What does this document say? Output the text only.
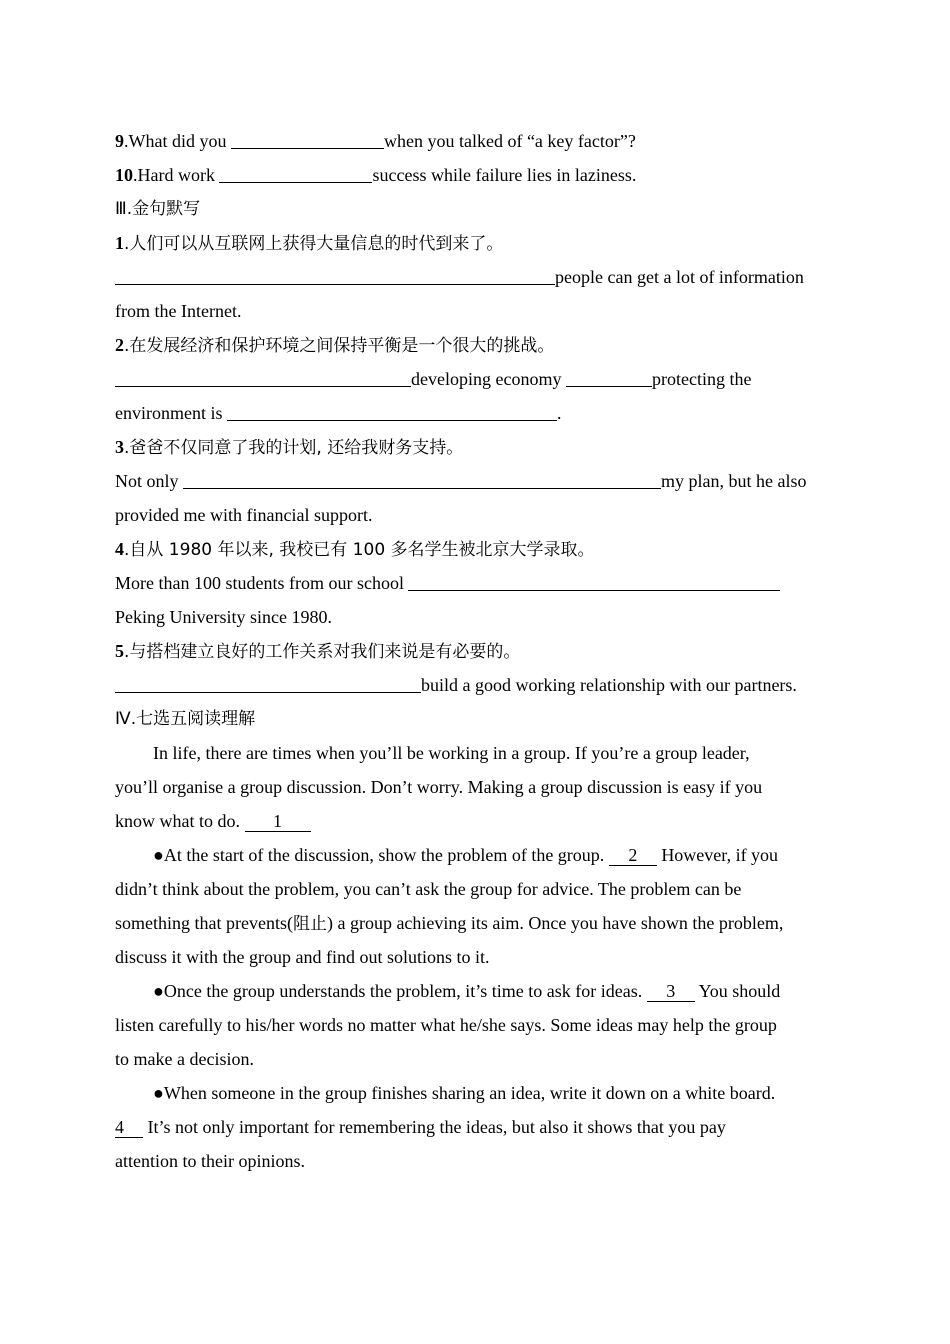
9.What did you	when you talked of “a key factor”?
10.Hard work	success while failure lies in laziness.
Ⅲ.金句默写
1.人们可以从互联网上获得大量信息的时代到来了。
people can get a lot of information
from the Internet.
2.在发展经济和保护环境之间保持平衡是一个很大的挑战。
developing economy	protecting the
environment is	.
3.爸爸不仅同意了我的计划, 还给我财务支持。
Not only	my plan, but he also
provided me with financial support.
4.自从 1980 年以来, 我校已有 100 多名学生被北京大学录取。
More than 100 students from our school
Peking University since 1980.
5.与搭档建立良好的工作关系对我们来说是有必要的。
build a good working relationship with our partners.
Ⅳ.七选五阅读理解
In life, there are times when you’ll be working in a group. If you’re a group leader,
you’ll organise a group discussion. Don’t worry. Making a group discussion is easy if you
know what to do. 1
●At the start of the discussion, show the problem of the group. 2 However, if you
didn’t think about the problem, you can’t ask the group for advice. The problem can be
something that prevents(阻止) a group achieving its aim. Once you have shown the problem,
discuss it with the group and find out solutions to it.
●Once the group understands the problem, it’s time to ask for ideas. 3 You should
listen carefully to his/her words no matter what he/she says. Some ideas may help the group
to make a decision.
●When someone in the group finishes sharing an idea, write it down on a white board.
4 It’s not only important for remembering the ideas, but also it shows that you pay
attention to their opinions.
